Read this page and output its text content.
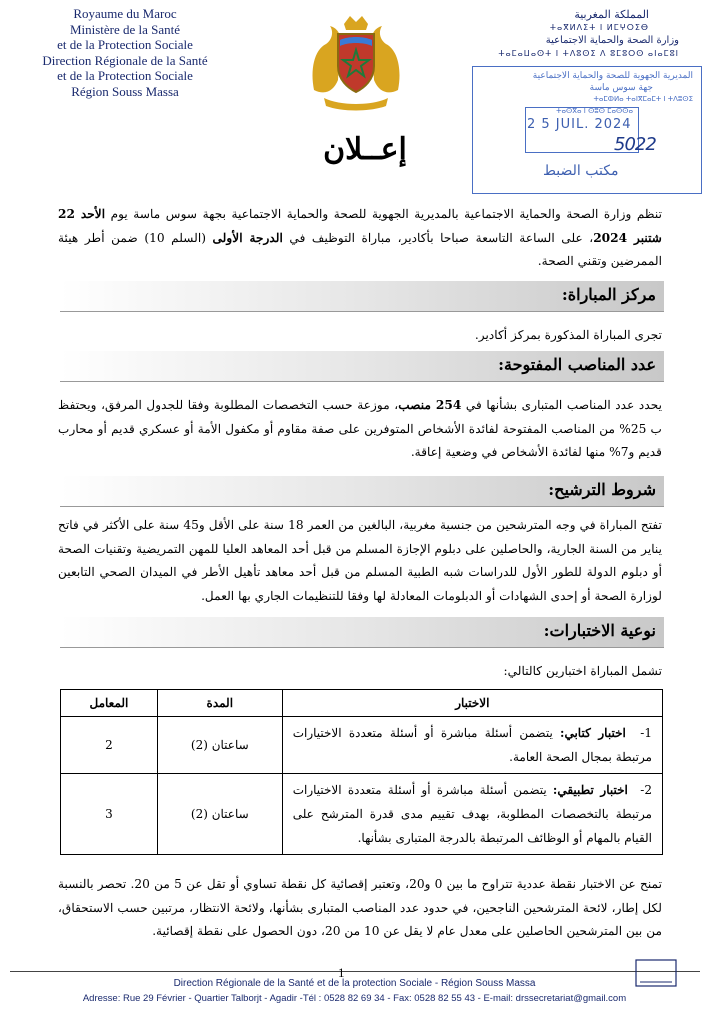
Royaume du Maroc
Ministère de la Santé
et de la Protection Sociale
Direction Régionale de la Santé
et de la Protection Sociale
Région Souss Massa
المملكة المغربية
ⵜⴰⴳⵍⴷⵉⵜ ⵏ ⵍⵎⵖⵔⵉⴱ
وزارة الصحة والحماية الاجتماعية
ⵜⴰⵎⴰⵡⴰⵙⵜ ⵏ ⵜⴷⵓⵙⵉ ⴷ ⵓⵎⵓⵔⵙ ⴰⵏⴰⵎⵓⵏ
المديرية الجهوية للصحة والحماية الاجتماعية
جهة سوس ماسة
ⵜⴰⵎⵀⵍⴰ ⵜⴰⵏⴳⵎⴰⵎⵜ ⵏ ⵜⴷⵓⵙⵉ
ⵜⴰⵙⴳⴰ ⵏ ⵙⵓⵙ ⵎⴰⵙⵙⴰ
2 5 JUIL. 2024
مكتب الضبط
5022
إعــلان
تنظم وزارة الصحة والحماية الاجتماعية بالمديرية الجهوية للصحة والحماية الاجتماعية بجهة سوس ماسة يوم الأحد 22 شتنبر 2024، على الساعة التاسعة صباحا بأكادير، مباراة التوظيف في الدرجة الأولى (السلم 10) ضمن أطر هيئة الممرضين وتقني الصحة.
مركز المباراة:
تجرى المباراة المذكورة بمركز أكادير.
عدد المناصب المفتوحة:
يحدد عدد المناصب المتبارى بشأنها في 254 منصب، موزعة حسب التخصصات المطلوبة وفقا للجدول المرفق، ويحتفظ ب 25% من المناصب المفتوحة لفائدة الأشخاص المتوفرين على صفة مقاوم أو مكفول الأمة أو عسكري قديم أو محارب قديم و7% منها لفائدة الأشخاص في وضعية إعاقة.
شروط الترشيح:
تفتح المباراة في وجه المترشحين من جنسية مغربية، البالغين من العمر 18 سنة على الأقل و45 سنة على الأكثر في فاتح يناير من السنة الجارية، والحاصلين على دبلوم الإجازة المسلم من قبل أحد المعاهد العليا للمهن التمريضية وتقنيات الصحة أو دبلوم الدولة للطور الأول للدراسات شبه الطبية المسلم من قبل أحد معاهد تأهيل الأطر في الميدان الصحي التابعين لوزارة الصحة أو إحدى الشهادات أو الدبلومات المعادلة لها وفقا للتنظيمات الجاري بها العمل.
نوعية الاختبارات:
تشمل المباراة اختبارين كالتالي:
الاختبار	المدة	المعامل
1-  اختبار كتابي: يتضمن أسئلة مباشرة أو أسئلة متعددة الاختيارات مرتبطة بمجال الصحة العامة.	ساعتان (2)	2
2-  اختبار تطبيقي: يتضمن أسئلة مباشرة أو أسئلة متعددة الاختيارات مرتبطة بالتخصصات المطلوبة، بهدف تقييم مدى قدرة المترشح على القيام بالمهام أو الوظائف المرتبطة بالدرجة المتبارى بشأنها.	ساعتان (2)	3
تمنح عن الاختبار نقطة عددية تتراوح ما بين 0 و20، وتعتبر إقصائية كل نقطة تساوي أو تقل عن 5 من 20. تحصر بالنسبة لكل إطار، لائحة المترشحين الناجحين، في حدود عدد المناصب المتبارى بشأنها، ولائحة الانتظار، مرتبين حسب الاستحقاق، من بين المترشحين الحاصلين على معدل عام لا يقل عن 10 من 20، دون الحصول على نقطة إقصائية.
1
Direction Régionale de la Santé et de la protection Sociale - Région Souss Massa
Adresse: Rue 29 Février - Quartier Talborjt - Agadir -Tél : 0528 82 69 34 - Fax: 0528 82 55 43 - E-mail: drssecretariat@gmail.com
